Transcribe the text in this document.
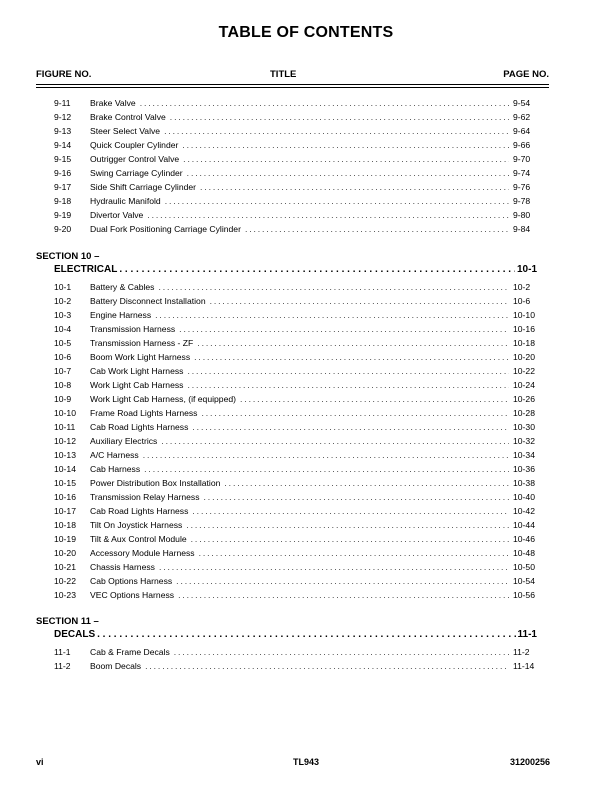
TABLE OF CONTENTS
FIGURE NO.	TITLE	PAGE NO.
9-11	Brake Valve . . .	9-54
9-12	Brake Control Valve . . .	9-62
9-13	Steer Select Valve . . .	9-64
9-14	Quick Coupler Cylinder . . .	9-66
9-15	Outrigger Control Valve . . .	9-70
9-16	Swing Carriage Cylinder . . .	9-74
9-17	Side Shift Carriage Cylinder . . .	9-76
9-18	Hydraulic Manifold . . .	9-78
9-19	Divertor Valve . . .	9-80
9-20	Dual Fork Positioning Carriage Cylinder . . .	9-84
SECTION 10 –
ELECTRICAL . . .	10-1
10-1	Battery & Cables . . .	10-2
10-2	Battery Disconnect Installation . . .	10-6
10-3	Engine Harness . . .	10-10
10-4	Transmission Harness . . .	10-16
10-5	Transmission Harness - ZF . . .	10-18
10-6	Boom Work Light Harness . . .	10-20
10-7	Cab Work Light Harness . . .	10-22
10-8	Work Light Cab Harness . . .	10-24
10-9	Work Light Cab Harness, (if equipped) . . .	10-26
10-10	Frame Road Lights Harness . . .	10-28
10-11	Cab Road Lights Harness . . .	10-30
10-12	Auxiliary Electrics . . .	10-32
10-13	A/C Harness . . .	10-34
10-14	Cab Harness . . .	10-36
10-15	Power Distribution Box Installation . . .	10-38
10-16	Transmission Relay Harness . . .	10-40
10-17	Cab Road Lights Harness . . .	10-42
10-18	Tilt On Joystick Harness . . .	10-44
10-19	Tilt & Aux Control Module . . .	10-46
10-20	Accessory Module Harness . . .	10-48
10-21	Chassis Harness . . .	10-50
10-22	Cab Options Harness . . .	10-54
10-23	VEC Options Harness . . .	10-56
SECTION 11 –
DECALS . . .	11-1
11-1	Cab & Frame Decals . . .	11-2
11-2	Boom Decals . . .	11-14
vi	TL943	31200256
